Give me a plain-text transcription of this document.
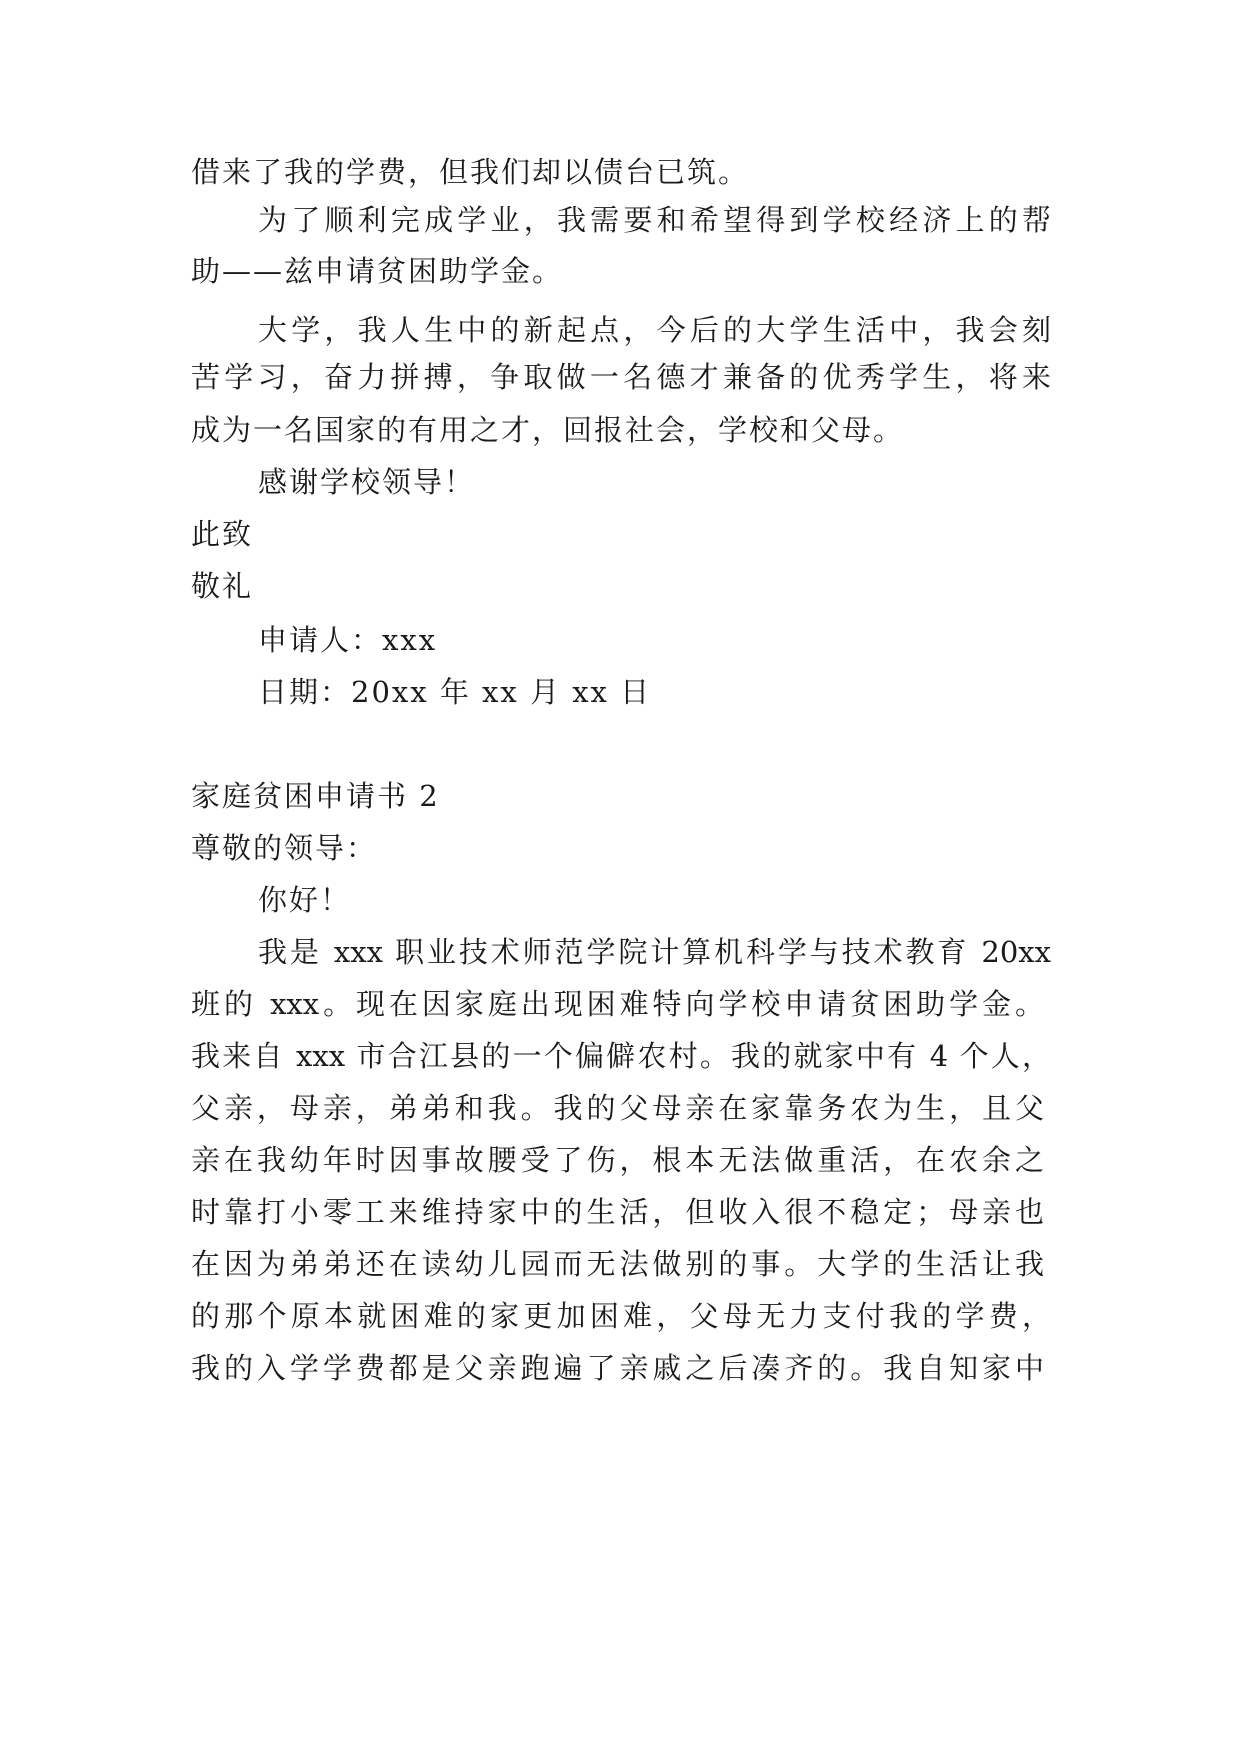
借来了我的学费，但我们却以债台已筑。
为了顺利完成学业，我需要和希望得到学校经济上的帮
助——兹申请贫困助学金。
大学，我人生中的新起点，今后的大学生活中，我会刻
苦学习，奋力拼搏，争取做一名德才兼备的优秀学生，将来
成为一名国家的有用之才，回报社会，学校和父母。
感谢学校领导！
此致
敬礼
申请人：xxx
日期：20xx 年 xx 月 xx 日
家庭贫困申请书 2
尊敬的领导：
你好！
我是 xxx 职业技术师范学院计算机科学与技术教育 20xx
班的 xxx。现在因家庭出现困难特向学校申请贫困助学金。
我来自 xxx 市合江县的一个偏僻农村。我的就家中有 4 个人，
父亲，母亲，弟弟和我。我的父母亲在家靠务农为生，且父
亲在我幼年时因事故腰受了伤，根本无法做重活，在农余之
时靠打小零工来维持家中的生活，但收入很不稳定；母亲也
在因为弟弟还在读幼儿园而无法做别的事。大学的生活让我
的那个原本就困难的家更加困难，父母无力支付我的学费，
我的入学学费都是父亲跑遍了亲戚之后凑齐的。我自知家中
